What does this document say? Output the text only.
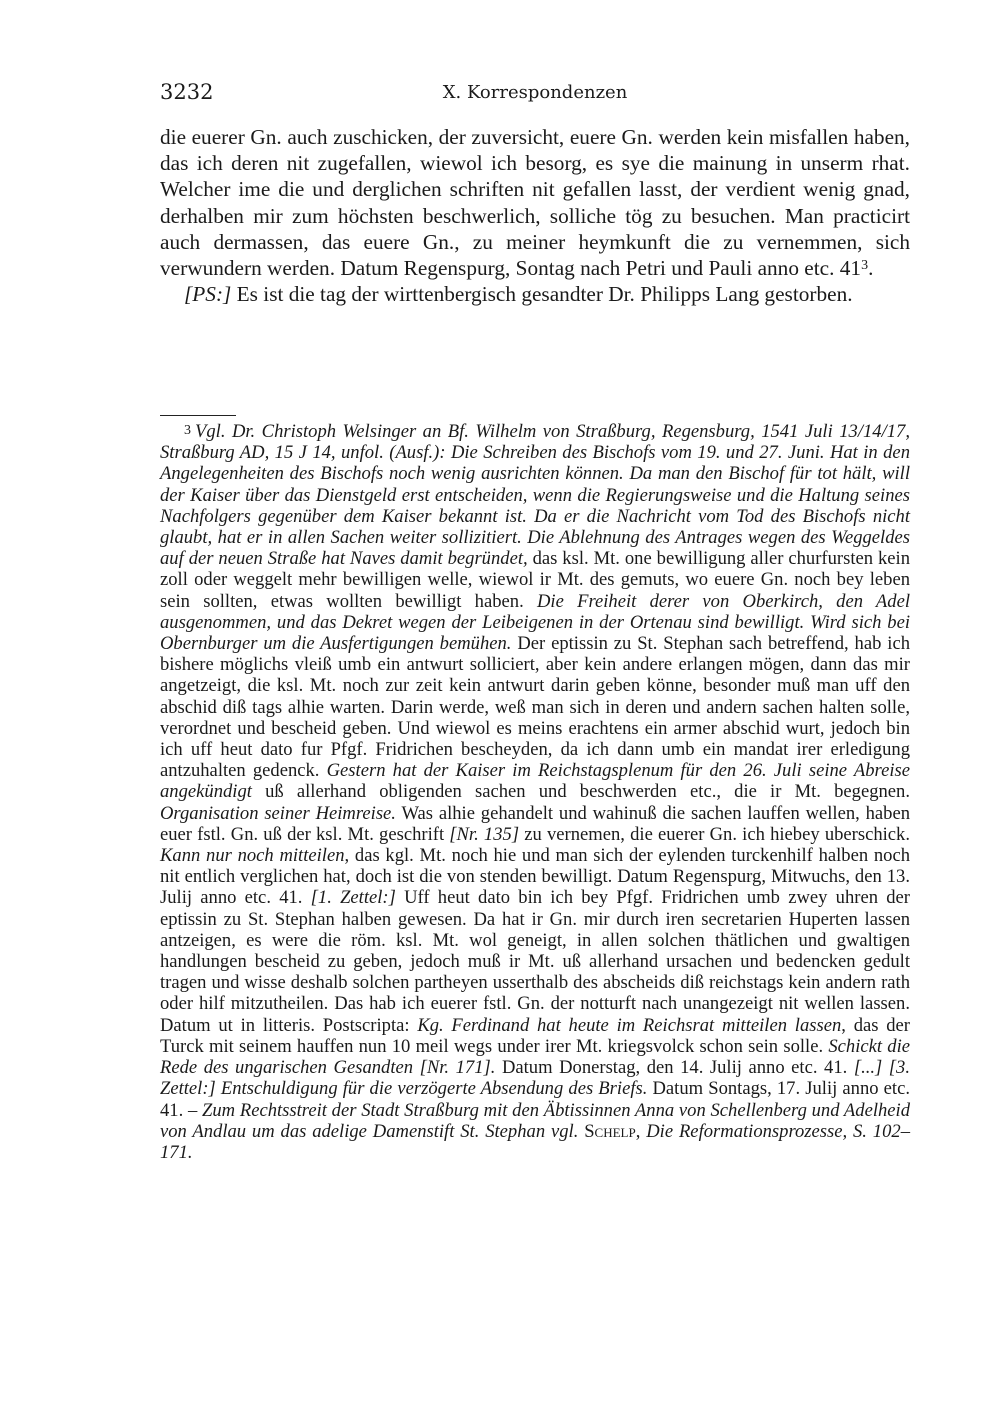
3232	X. Korrespondenzen

die euerer Gn. auch zuschicken, der zuversicht, euere Gn. werden kein misfallen haben, das ich deren nit zugefallen, wiewol ich besorg, es sye die mainung in unserm rhat. Welcher ime die und derglichen schriften nit gefallen lasst, der verdient wenig gnad, derhalben mir zum höchsten beschwerlich, solliche tög zu besuchen. Man practicirt auch dermassen, das euere Gn., zu meiner heymkunft die zu vernemmen, sich verwundern werden. Datum Regenspurg, Sontag nach Petri und Pauli anno etc. $41^3$.

[PS:] Es ist die tag der wirttenbergisch gesandter Dr. Philipps Lang gestorben.

3 Vgl. Dr. Christoph Welsinger an Bf. Wilhelm von Straßburg, Regensburg, 1541 Juli 13/14/17, Straßburg AD, 15 J 14, unfol. (Ausf.): Die Schreiben des Bischofs vom 19. und 27. Juni. Hat in den Angelegenheiten des Bischofs noch wenig ausrichten können. Da man den Bischof für tot hält, will der Kaiser über das Dienstgeld erst entscheiden, wenn die Regierungsweise und die Haltung seines Nachfolgers gegenüber dem Kaiser bekannt ist. Da er die Nachricht vom Tod des Bischofs nicht glaubt, hat er in allen Sachen weiter sollizitiert. Die Ablehnung des Antrages wegen des Weggeldes auf der neuen Straße hat Naves damit begründet, das ksl. Mt. one bewilligung aller churfursten kein zoll oder weggelt mehr bewilligen welle, wiewol ir Mt. des gemuts, wo euere Gn. noch bey leben sein sollten, etwas wollten bewilligt haben. Die Freiheit derer von Oberkirch, den Adel ausgenommen, und das Dekret wegen der Leibeigenen in der Ortenau sind bewilligt. Wird sich bei Obernburger um die Ausfertigungen bemühen. Der eptissin zu St. Stephan sach betreffend, hab ich bishere möglichs vleiß umb ein antwurt solliciert, aber kein andere erlangen mögen, dann das mir angetzeigt, die ksl. Mt. noch zur zeit kein antwurt darin geben könne, besonder muß man uff den abschid diß tags alhie warten. Darin werde, weß man sich in deren und andern sachen halten solle, verordnet und bescheid geben. Und wiewol es meins erachtens ein armer abschid wurt, jedoch bin ich uff heut dato fur Pfgf. Fridrichen bescheyden, da ich dann umb ein mandat irer erledigung antzuhalten gedenck. Gestern hat der Kaiser im Reichstagsplenum für den 26. Juli seine Abreise angekündigt uß allerhand obligenden sachen und beschwerden etc., die ir Mt. begegnen. Organisation seiner Heimreise. Was alhie gehandelt und wahinuß die sachen lauffen wellen, haben euer fstl. Gn. uß der ksl. Mt. geschrift [Nr. 135] zu vernemen, die euerer Gn. ich hiebey uberschick. Kann nur noch mitteilen, das kgl. Mt. noch hie und man sich der eylenden turckenhilf halben noch nit entlich verglichen hat, doch ist die von stenden bewilligt. Datum Regenspurg, Mitwuchs, den 13. Julij anno etc. 41. [1. Zettel:] Uff heut dato bin ich bey Pfgf. Fridrichen umb zwey uhren der eptissin zu St. Stephan halben gewesen. Da hat ir Gn. mir durch iren secretarien Huperten lassen antzeigen, es were die röm. ksl. Mt. wol geneigt, in allen solchen thätlichen und gwaltigen handlungen bescheid zu geben, jedoch muß ir Mt. uß allerhand ursachen und bedencken gedult tragen und wisse deshalb solchen partheyen usserthalb des abscheids diß reichstags kein andern rath oder hilf mitzutheilen. Das hab ich euerer fstl. Gn. der notturft nach unangezeigt nit wellen lassen. Datum ut in litteris. Postscripta: Kg. Ferdinand hat heute im Reichsrat mitteilen lassen, das der Turck mit seinem hauffen nun 10 meil wegs under irer Mt. kriegsvolck schon sein solle. Schickt die Rede des ungarischen Gesandten [Nr. 171]. Datum Donerstag, den 14. Julij anno etc. 41. [...] [3. Zettel:] Entschuldigung für die verzögerte Absendung des Briefs. Datum Sontags, 17. Julij anno etc. 41. – Zum Rechtsstreit der Stadt Straßburg mit den Äbtissinnen Anna von Schellenberg und Adelheid von Andlau um das adelige Damenstift St. Stephan vgl. Schelp, Die Reformationsprozesse, S. 102–171.
